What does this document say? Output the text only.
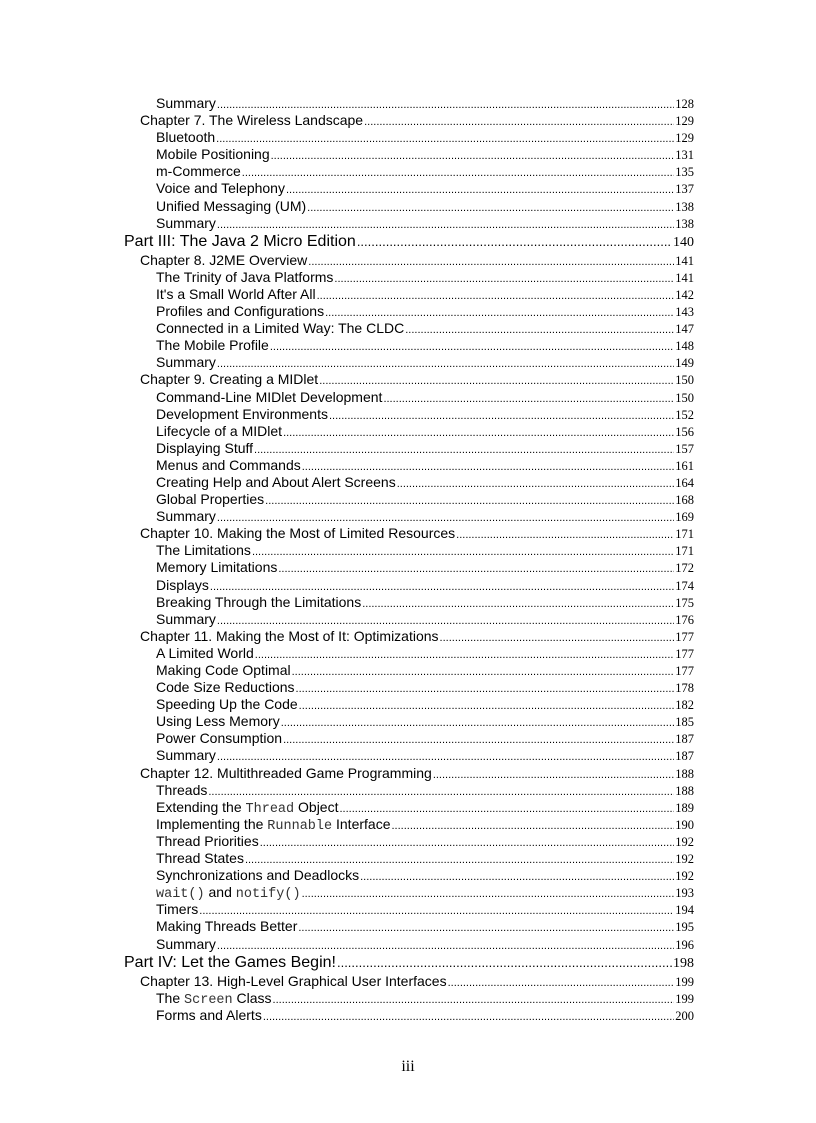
Summary .....	128
Chapter 7. The Wireless Landscape .....	129
Bluetooth .....	129
Mobile Positioning .....	131
m-Commerce .....	135
Voice and Telephony .....	137
Unified Messaging (UM) .....	138
Summary .....	138
Part III: The Java 2 Micro Edition .....	140
Chapter 8. J2ME Overview .....	141
The Trinity of Java Platforms .....	141
It's a Small World After All .....	142
Profiles and Configurations .....	143
Connected in a Limited Way: The CLDC .....	147
The Mobile Profile .....	148
Summary .....	149
Chapter 9. Creating a MIDlet .....	150
Command-Line MIDlet Development .....	150
Development Environments .....	152
Lifecycle of a MIDlet .....	156
Displaying Stuff .....	157
Menus and Commands .....	161
Creating Help and About Alert Screens .....	164
Global Properties .....	168
Summary .....	169
Chapter 10. Making the Most of Limited Resources .....	171
The Limitations .....	171
Memory Limitations .....	172
Displays .....	174
Breaking Through the Limitations .....	175
Summary .....	176
Chapter 11. Making the Most of It: Optimizations .....	177
A Limited World .....	177
Making Code Optimal .....	177
Code Size Reductions .....	178
Speeding Up the Code .....	182
Using Less Memory .....	185
Power Consumption .....	187
Summary .....	187
Chapter 12. Multithreaded Game Programming .....	188
Threads .....	188
Extending the Thread Object .....	189
Implementing the Runnable Interface .....	190
Thread Priorities .....	192
Thread States .....	192
Synchronizations and Deadlocks .....	192
wait() and notify() .....	193
Timers .....	194
Making Threads Better .....	195
Summary .....	196
Part IV: Let the Games Begin! .....	198
Chapter 13. High-Level Graphical User Interfaces .....	199
The Screen Class .....	199
Forms and Alerts .....	200
iii
